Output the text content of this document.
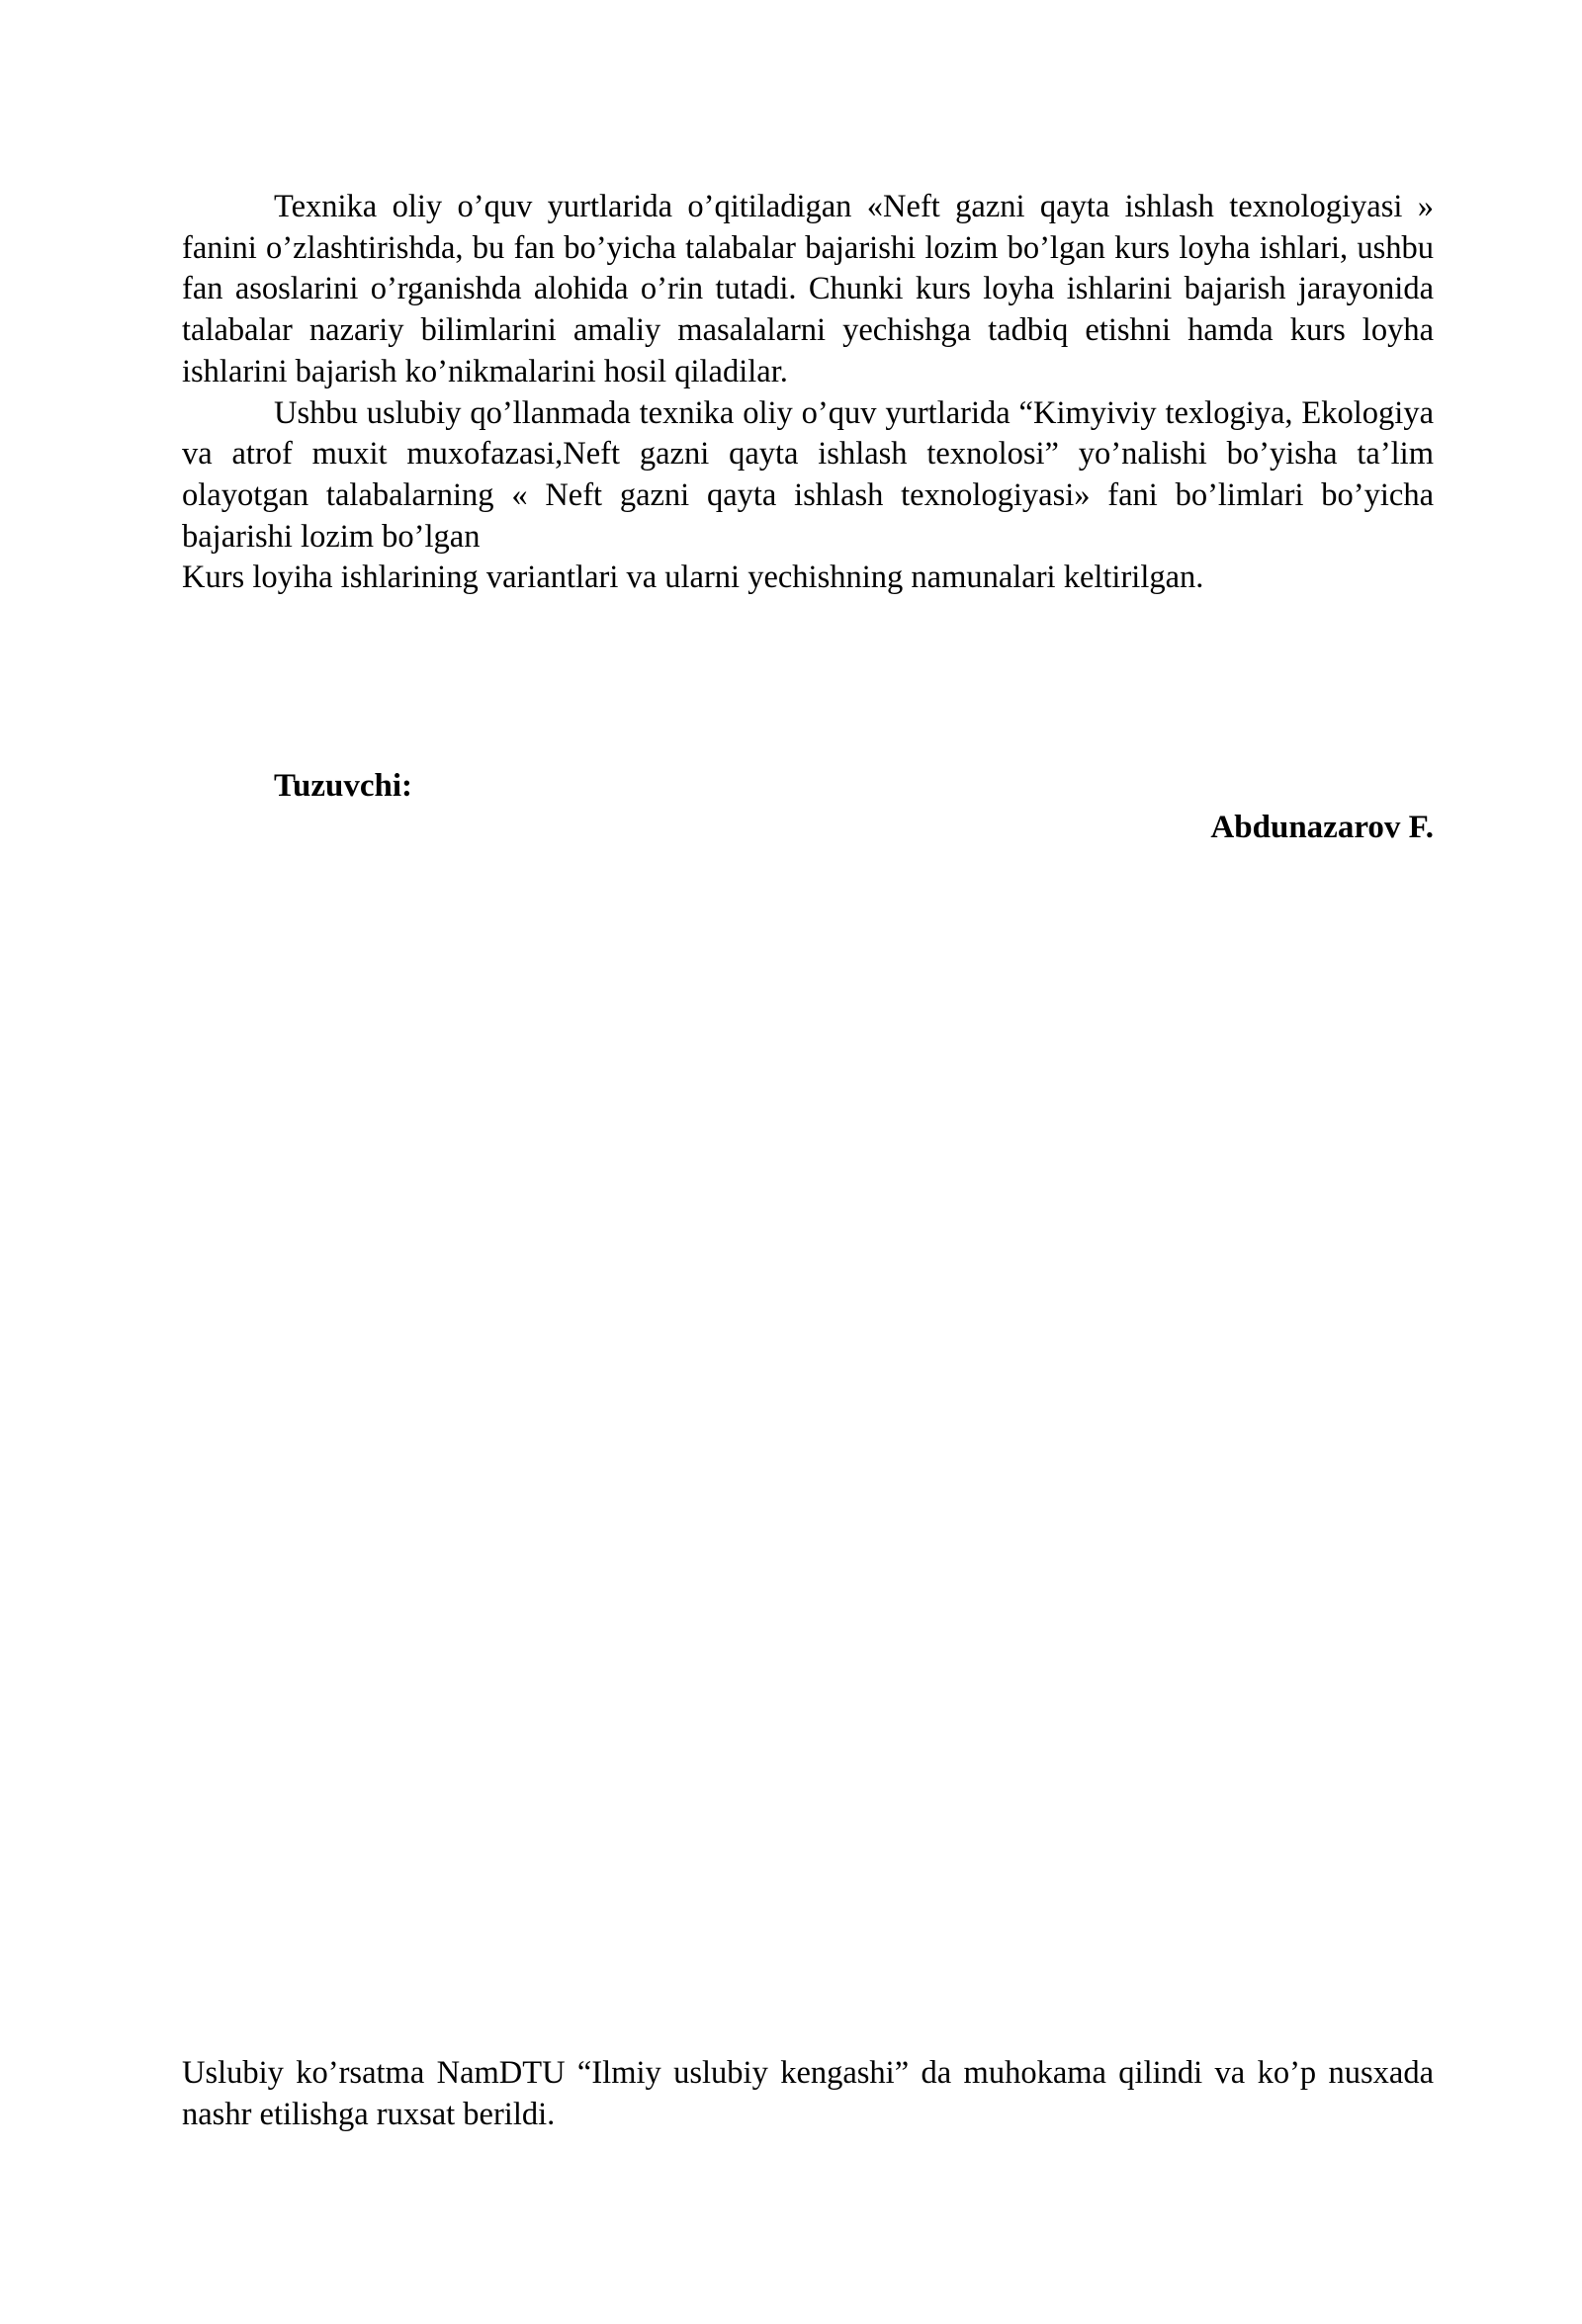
Texnika oliy o’quv yurtlarida o’qitiladigan «Neft gazni qayta ishlash texnologiyasi » fanini o’zlashtirishda, bu fan bo’yicha talabalar bajarishi lozim bo’lgan kurs loyha ishlari, ushbu fan asoslarini o’rganishda alohida o’rin tutadi. Chunki kurs loyha ishlarini bajarish jarayonida talabalar nazariy bilimlarini amaliy masalalarni yechishga tadbiq etishni hamda kurs loyha ishlarini bajarish ko’nikmalarini hosil qiladilar.

Ushbu uslubiy qo’llanmada texnika oliy o’quv yurtlarida “Kimyiviy texlogiya, Ekologiya va atrof muxit muxofazasi,Neft gazni qayta ishlash texnolosi” yo’nalishi bo’yisha ta’lim olayotgan talabalarning « Neft gazni qayta ishlash texnologiyasi» fani bo’limlari bo’yicha bajarishi lozim bo’lgan

Kurs loyiha ishlarining variantlari va ularni yechishning namunalari keltirilgan.

Tuzuvchi:

Abdunazarov F.

Uslubiy ko’rsatma NamDTU “Ilmiy uslubiy kengashi” da muhokama qilindi va ko’p nusxada nashr etilishga ruxsat berildi.
